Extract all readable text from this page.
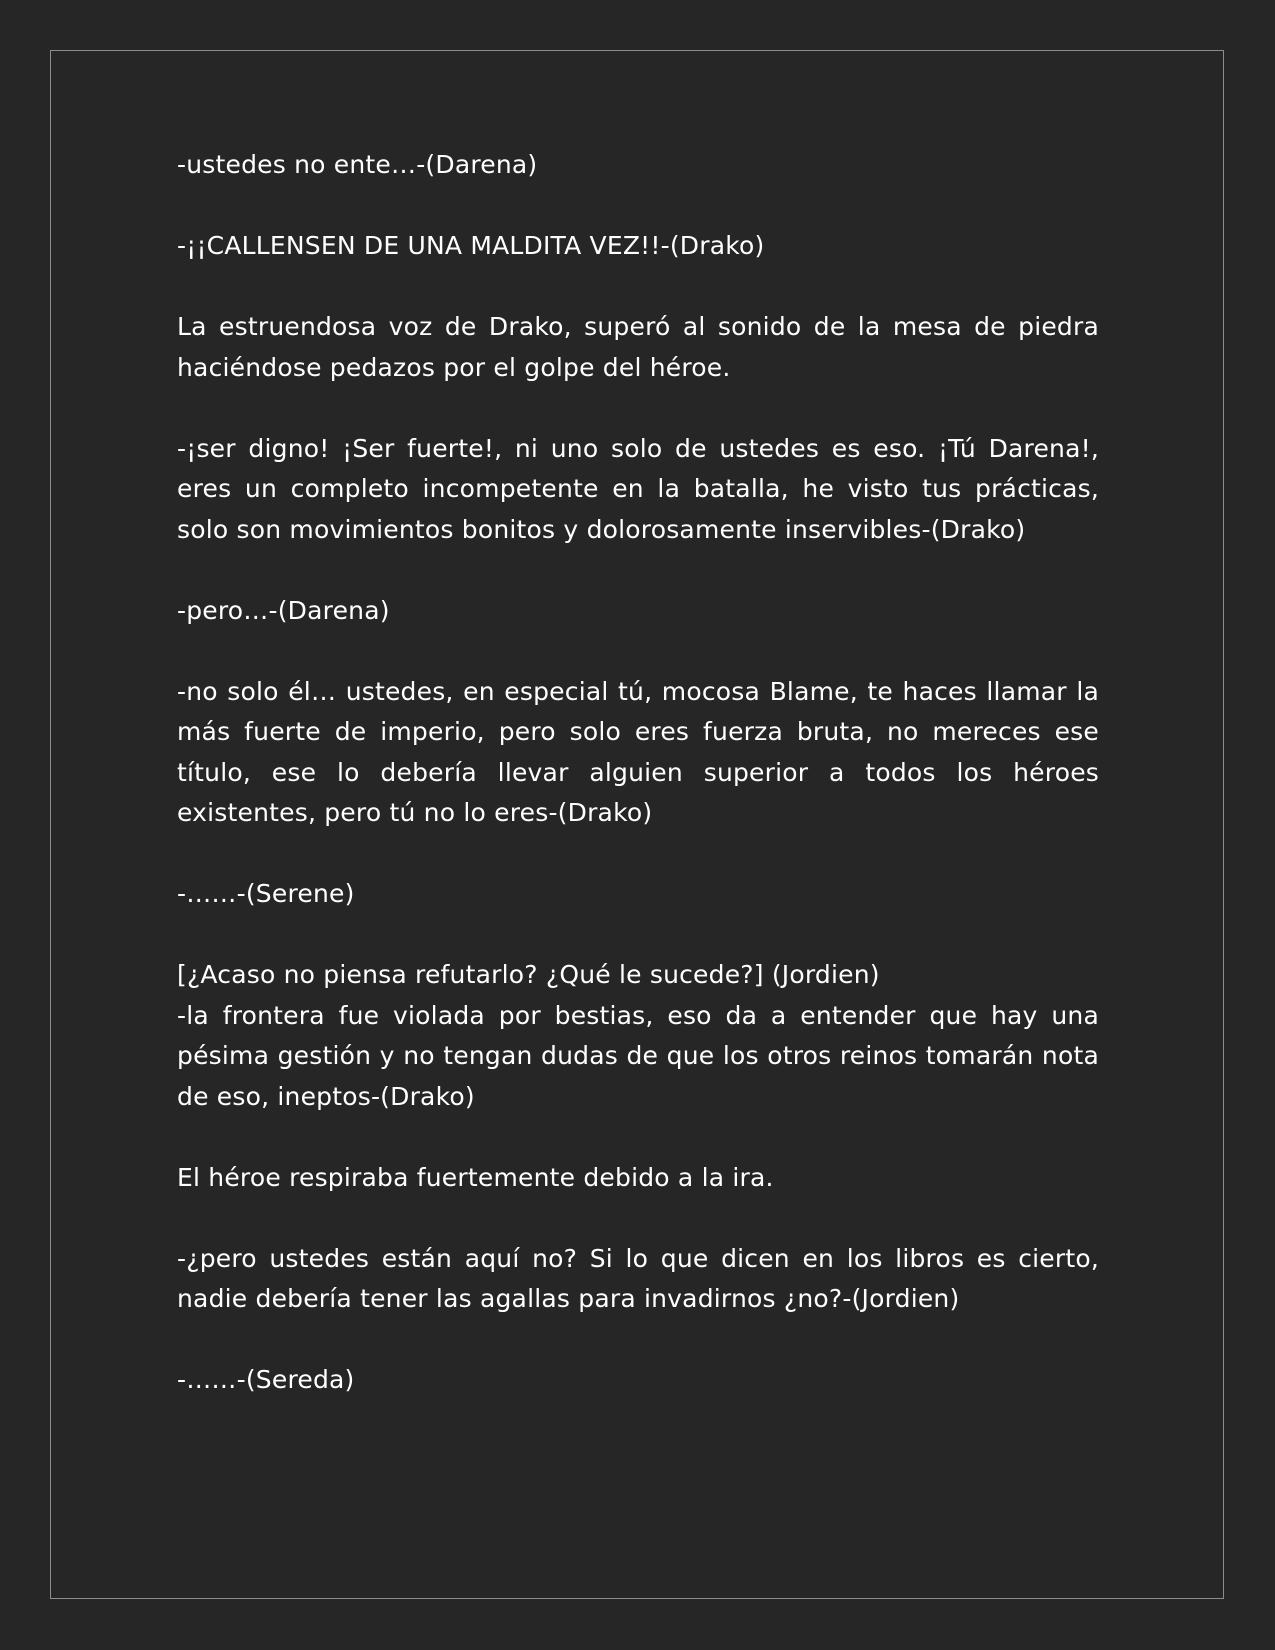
-ustedes no ente…-(Darena)

-¡¡CALLENSEN DE UNA MALDITA VEZ!!-(Drako)

La estruendosa voz de Drako, superó al sonido de la mesa de piedra haciéndose pedazos por el golpe del héroe.

-¡ser digno! ¡Ser fuerte!, ni uno solo de ustedes es eso. ¡Tú Darena!, eres un completo incompetente en la batalla, he visto tus prácticas, solo son movimientos bonitos y dolorosamente inservibles-(Drako)

-pero…-(Darena)

-no solo él… ustedes, en especial tú, mocosa Blame, te haces llamar la más fuerte de imperio, pero solo eres fuerza bruta, no mereces ese título, ese lo debería llevar alguien superior a todos los héroes existentes, pero tú no lo eres-(Drako)

-……-(Serene)

[¿Acaso no piensa refutarlo? ¿Qué le sucede?] (Jordien)

-la frontera fue violada por bestias, eso da a entender que hay una pésima gestión y no tengan dudas de que los otros reinos tomarán nota de eso, ineptos-(Drako)

El héroe respiraba fuertemente debido a la ira.

-¿pero ustedes están aquí no? Si lo que dicen en los libros es cierto, nadie debería tener las agallas para invadirnos ¿no?-(Jordien)

-……-(Sereda)
